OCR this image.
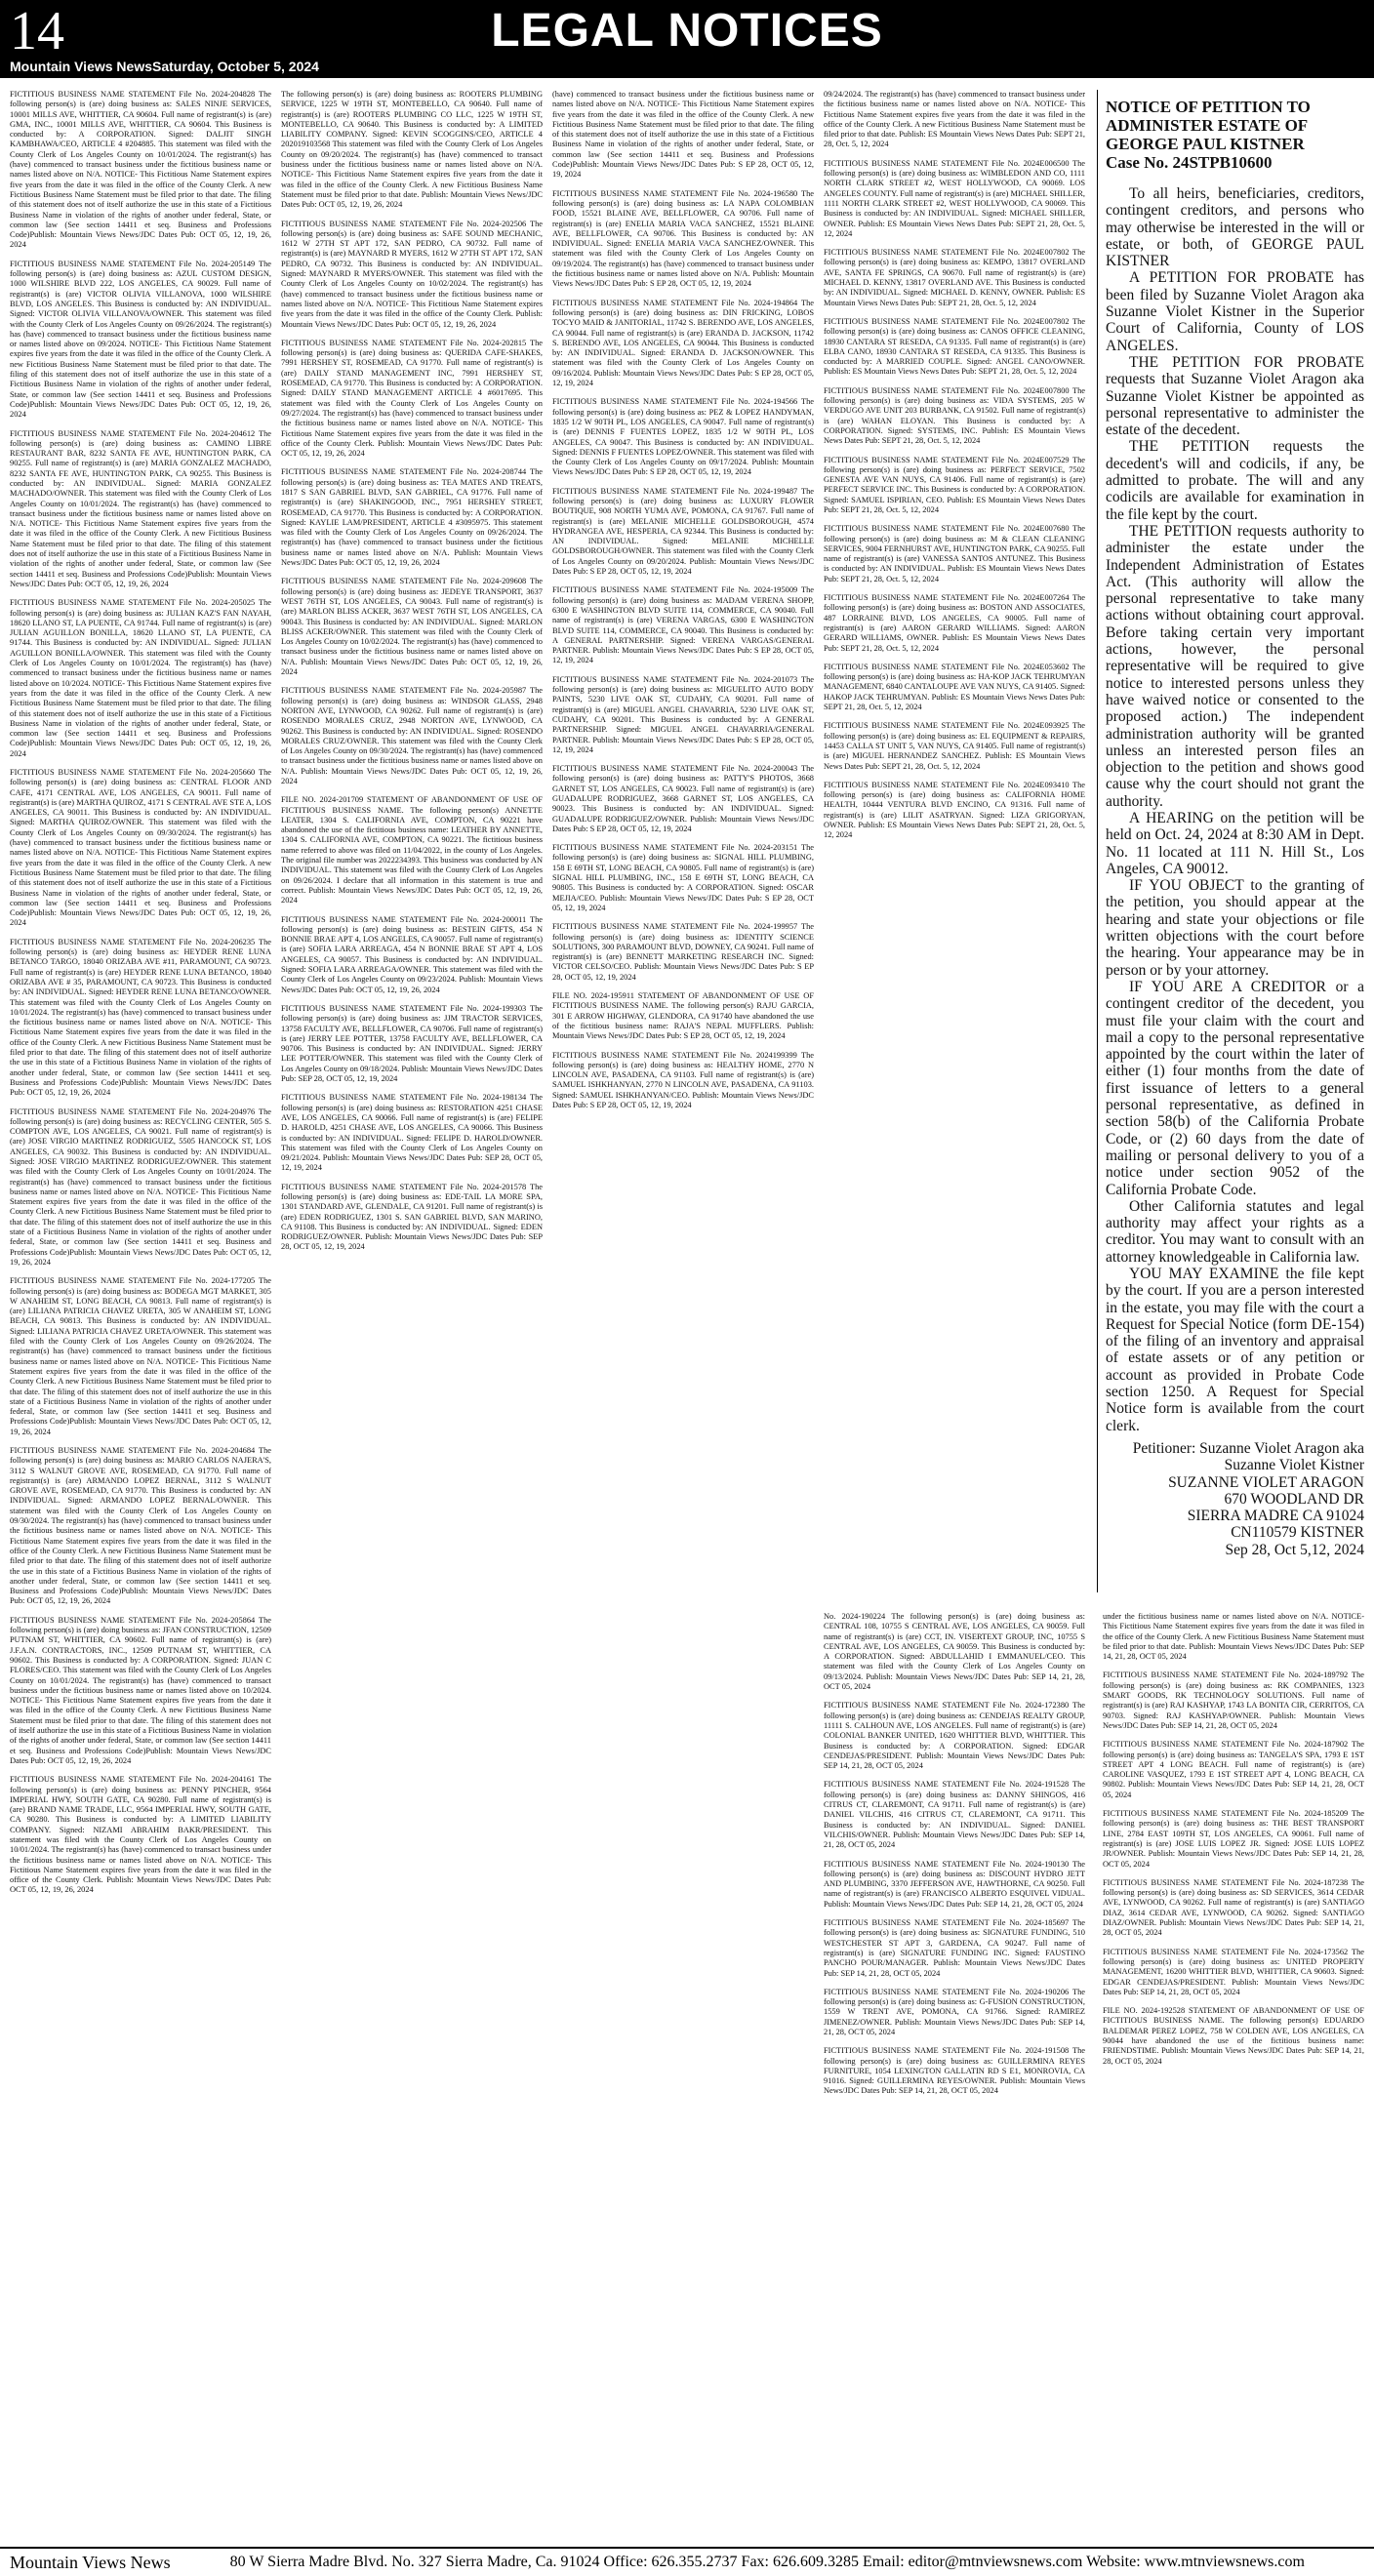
14	LEGAL NOTICES
Mountain Views NewsSaturday, October 5, 2024

FICTITIOUS BUSINESS NAME STATEMENT File No. 2024-204828 The following person(s) is (are) doing business as: SALES NINJE SERVICES, 10001 MILLS AVE, WHITTIER, CA 90604. Full name of registrant(s) is (are) GMA, INC., 10001 MILLS AVE, WHITTIER, CA 90604. This Business is conducted by: A CORPORATION. Signed: DALJIT SINGH KAMBHAWA/CEO, ARTICLE 4 #204885. This statement was filed with the County Clerk of Los Angeles County on 10/01/2024. The registrant(s) has (have) commenced to transact business under the fictitious business name or names listed above on N/A. NOTICE- This Fictitious Name Statement expires five years from the date it was filed in the office of the County Clerk. A new Fictitious Business Name Statement must be filed prior to that date. The filing of this statement does not of itself authorize the use in this state of a Fictitious Business Name in violation of the rights of another under federal, State, or common law (See section 14411 et seq. Business and Professions Code)Publish: Mountain Views News/JDC Dates Pub: OCT 05, 12, 19, 26, 2024

FICTITIOUS BUSINESS NAME STATEMENT File No. 2024-205149 The following person(s) is (are) doing business as: AZUL CUSTOM DESIGN, 1000 WILSHIRE BLVD 222, LOS ANGELES, CA 90029. Full name of registrant(s) is (are) VICTOR OLIVIA VILLANOVA, 1000 WILSHIRE BLVD, LOS ANGELES. This Business is conducted by: AN INDIVIDUAL. Signed: VICTOR OLIVIA VILLANOVA/OWNER. This statement was filed with the County Clerk of Los Angeles County on 09/26/2024. The registrant(s) has (have) commenced to transact business under the fictitious business name or names listed above on 09/2024. NOTICE- This Fictitious Name Statement expires five years from the date it was filed in the office of the County Clerk. A new Fictitious Business Name Statement must be filed prior to that date. The filing of this statement does not of itself authorize the use in this state of a Fictitious Business Name in violation of the rights of another under federal, State, or common law (See section 14411 et seq. Business and Professions Code)Publish: Mountain Views News/JDC Dates Pub: OCT 05, 12, 19, 26, 2024

FICTITIOUS BUSINESS NAME STATEMENT File No. 2024-204612 The following person(s) is (are) doing business as: CAMINO LIBRE RESTAURANT BAR, 8232 SANTA FE AVE, HUNTINGTON PARK, CA 90255. Full name of registrant(s) is (are) MARIA GONZALEZ MACHADO, 8232 SANTA FE AVE, HUNTINGTON PARK, CA 90255. This Business is conducted by: AN INDIVIDUAL. Signed: MARIA GONZALEZ MACHADO/OWNER. This statement was filed with the County Clerk of Los Angeles County on 10/01/2024. The registrant(s) has (have) commenced to transact business under the fictitious business name or names listed above on N/A. NOTICE- This Fictitious Name Statement expires five years from the date it was filed in the office of the County Clerk. A new Fictitious Business Name Statement must be filed prior to that date. The filing of this statement does not of itself authorize the use in this state of a Fictitious Business Name in violation of the rights of another under federal, State, or common law (See section 14411 et seq. Business and Professions Code)Publish: Mountain Views News/JDC Dates Pub: OCT 05, 12, 19, 26, 2024

FICTITIOUS BUSINESS NAME STATEMENT File No. 2024-205025 The following person(s) is (are) doing business as: JULIAN KAZ'S FAN NAYAH, 18620 LLANO ST, LA PUENTE, CA 91744. Full name of registrant(s) is (are) JULIAN AGUILLON BONILLA, 18620 LLANO ST, LA PUENTE, CA 91744. This Business is conducted by: AN INDIVIDUAL. Signed: JULIAN AGUILLON BONILLA/OWNER. This statement was filed with the County Clerk of Los Angeles County on 10/01/2024. The registrant(s) has (have) commenced to transact business under the fictitious business name or names listed above on 10/2024. NOTICE- This Fictitious Name Statement expires five years from the date it was filed in the office of the County Clerk. A new Fictitious Business Name Statement must be filed prior to that date. The filing of this statement does not of itself authorize the use in this state of a Fictitious Business Name in violation of the rights of another under federal, State, or common law (See section 14411 et seq. Business and Professions Code)Publish: Mountain Views News/JDC Dates Pub: OCT 05, 12, 19, 26, 2024

FICTITIOUS BUSINESS NAME STATEMENT File No. 2024-205660 The following person(s) is (are) doing business as: CENTRAL FLOOR AND CAFE, 4171 CENTRAL AVE, LOS ANGELES, CA 90011. Full name of registrant(s) is (are) MARTHA QUIROZ, 4171 S CENTRAL AVE STE A, LOS ANGELES, CA 90011. This Business is conducted by: AN INDIVIDUAL. Signed: MARTHA QUIROZ/OWNER. This statement was filed with the County Clerk of Los Angeles County on 09/30/2024. The registrant(s) has (have) commenced to transact business under the fictitious business name or names listed above on N/A. NOTICE- This Fictitious Name Statement expires five years from the date it was filed in the office of the County Clerk. A new Fictitious Business Name Statement must be filed prior to that date. The filing of this statement does not of itself authorize the use in this state of a Fictitious Business Name in violation of the rights of another under federal, State, or common law (See section 14411 et seq. Business and Professions Code)Publish: Mountain Views News/JDC Dates Pub: OCT 05, 12, 19, 26, 2024

FICTITIOUS BUSINESS NAME STATEMENT File No. 2024-206235 The following person(s) is (are) doing business as: HEYDER RENE LUNA BETANCO TARGO, 18040 ORIZABA AVE #11, PARAMOUNT, CA 90723. Full name of registrant(s) is (are) HEYDER RENE LUNA BETANCO, 18040 ORIZABA AVE # 35, PARAMOUNT, CA 90723. This Business is conducted by: AN INDIVIDUAL. Signed: HEYDER RENE LUNA BETANCO/OWNER. This statement was filed with the County Clerk of Los Angeles County on 10/01/2024. The registrant(s) has (have) commenced to transact business under the fictitious business name or names listed above on N/A. NOTICE- This Fictitious Name Statement expires five years from the date it was filed in the office of the County Clerk. A new Fictitious Business Name Statement must be filed prior to that date. The filing of this statement does not of itself authorize the use in this state of a Fictitious Business Name in violation of the rights of another under federal, State, or common law (See section 14411 et seq. Business and Professions Code)Publish: Mountain Views News/JDC Dates Pub: OCT 05, 12, 19, 26, 2024

FICTITIOUS BUSINESS NAME STATEMENT File No. 2024-204976 The following person(s) is (are) doing business as: RECYCLING CENTER, 505 S. COMPTON AVE, LOS ANGELES, CA 90021. Full name of registrant(s) is (are) JOSE VIRGIO MARTINEZ RODRIGUEZ, 5505 HANCOCK ST, LOS ANGELES, CA 90032. This Business is conducted by: AN INDIVIDUAL. Signed: JOSE VIRGIO MARTINEZ RODRIGUEZ/OWNER. This statement was filed with the County Clerk of Los Angeles County on 10/01/2024. The registrant(s) has (have) commenced to transact business under the fictitious business name or names listed above on N/A. NOTICE- This Fictitious Name Statement expires five years from the date it was filed in the office of the County Clerk. A new Fictitious Business Name Statement must be filed prior to that date. The filing of this statement does not of itself authorize the use in this state of a Fictitious Business Name in violation of the rights of another under federal, State, or common law (See section 14411 et seq. Business and Professions Code)Publish: Mountain Views News/JDC Dates Pub: OCT 05, 12, 19, 26, 2024

FICTITIOUS BUSINESS NAME STATEMENT File No. 2024-177205 The following person(s) is (are) doing business as: BODEGA MGT MARKET, 305 W ANAHEIM ST, LONG BEACH, CA 90813. Full name of registrant(s) is (are) LILIANA PATRICIA CHAVEZ URETA, 305 W ANAHEIM ST, LONG BEACH, CA 90813. This Business is conducted by: AN INDIVIDUAL. Signed: LILIANA PATRICIA CHAVEZ URETA/OWNER. This statement was filed with the County Clerk of Los Angeles County on 09/26/2024. The registrant(s) has (have) commenced to transact business under the fictitious business name or names listed above on N/A. NOTICE- This Fictitious Name Statement expires five years from the date it was filed in the office of the County Clerk. A new Fictitious Business Name Statement must be filed prior to that date. The filing of this statement does not of itself authorize the use in this state of a Fictitious Business Name in violation of the rights of another under federal, State, or common law (See section 14411 et seq. Business and Professions Code)Publish: Mountain Views News/JDC Dates Pub: OCT 05, 12, 19, 26, 2024

FICTITIOUS BUSINESS NAME STATEMENT File No. 2024-204684 The following person(s) is (are) doing business as: MARIO CARLOS NAJERA'S, 3112 S WALNUT GROVE AVE, ROSEMEAD, CA 91770. Full name of registrant(s) is (are) ARMANDO LOPEZ BERNAL, 3112 S WALNUT GROVE AVE, ROSEMEAD, CA 91770. This Business is conducted by: AN INDIVIDUAL. Signed: ARMANDO LOPEZ BERNAL/OWNER. This statement was filed with the County Clerk of Los Angeles County on 09/30/2024. The registrant(s) has (have) commenced to transact business under the fictitious business name or names listed above on N/A. NOTICE- This Fictitious Name Statement expires five years from the date it was filed in the office of the County Clerk. A new Fictitious Business Name Statement must be filed prior to that date. The filing of this statement does not of itself authorize the use in this state of a Fictitious Business Name in violation of the rights of another under federal, State, or common law (See section 14411 et seq. Business and Professions Code)Publish: Mountain Views News/JDC Dates Pub: OCT 05, 12, 19, 26, 2024

FICTITIOUS BUSINESS NAME STATEMENT File No. 2024-205864 The following person(s) is (are) doing business as: JFAN CONSTRUCTION, 12509 PUTNAM ST, WHITTIER, CA 90602. Full name of registrant(s) is (are) J.F.A.N. CONTRACTORS, INC., 12509 PUTNAM ST, WHITTIER, CA 90602. This Business is conducted by: A CORPORATION. Signed: JUAN C FLORES/CEO. This statement was filed with the County Clerk of Los Angeles County on 10/01/2024. The registrant(s) has (have) commenced to transact business under the fictitious business name or names listed above on 10/2024. NOTICE- This Fictitious Name Statement expires five years from the date it was filed in the office of the County Clerk. A new Fictitious Business Name Statement must be filed prior to that date. The filing of this statement does not of itself authorize the use in this state of a Fictitious Business Name in violation of the rights of another under federal, State, or common law (See section 14411 et seq. Business and Professions Code)Publish: Mountain Views News/JDC Dates Pub: OCT 05, 12, 19, 26, 2024

FICTITIOUS BUSINESS NAME STATEMENT File No. 2024-204161 The following person(s) is (are) doing business as: PENNY PINCHER, 9564 IMPERIAL HWY, SOUTH GATE, CA 90280. Full name of registrant(s) is (are) BRAND NAME TRADE, LLC, 9564 IMPERIAL HWY, SOUTH GATE, CA 90280. This Business is conducted by: A LIMITED LIABILITY COMPANY. Signed: NIZAMI ABRAHIM BAKR/PRESIDENT. This statement was filed with the County Clerk of Los Angeles County on 10/01/2024. The registrant(s) has (have) commenced to transact business under the fictitious business name or names listed above on N/A. NOTICE- This Fictitious Name Statement expires five years from the date it was filed in the office of the County Clerk. Publish: Mountain Views News/JDC Dates Pub: OCT 05, 12, 19, 26, 2024

The following person(s) is (are) doing business as: ROOTERS PLUMBING SERVICE, 1225 W 19TH ST, MONTEBELLO, CA 90640. Full name of registrant(s) is (are) ROOTERS PLUMBING CO LLC, 1225 W 19TH ST, MONTEBELLO, CA 90640. This Business is conducted by: A LIMITED LIABILITY COMPANY. Signed: KEVIN SCOGGINS/CEO, ARTICLE 4 202019103568 This statement was filed with the County Clerk of Los Angeles County on 09/20/2024. The registrant(s) has (have) commenced to transact business under the fictitious business name or names listed above on N/A. NOTICE- This Fictitious Name Statement expires five years from the date it was filed in the office of the County Clerk. A new Fictitious Business Name Statement must be filed prior to that date. Publish: Mountain Views News/JDC Dates Pub: OCT 05, 12, 19, 26, 2024

FICTITIOUS BUSINESS NAME STATEMENT File No. 2024-202506 The following person(s) is (are) doing business as: SAFE SOUND MECHANIC, 1612 W 27TH ST APT 172, SAN PEDRO, CA 90732. Full name of registrant(s) is (are) MAYNARD R MYERS, 1612 W 27TH ST APT 172, SAN PEDRO, CA 90732. This Business is conducted by: AN INDIVIDUAL. Signed: MAYNARD R MYERS/OWNER. This statement was filed with the County Clerk of Los Angeles County on 10/02/2024. The registrant(s) has (have) commenced to transact business under the fictitious business name or names listed above on N/A. NOTICE- This Fictitious Name Statement expires five years from the date it was filed in the office of the County Clerk. Publish: Mountain Views News/JDC Dates Pub: OCT 05, 12, 19, 26, 2024

FICTITIOUS BUSINESS NAME STATEMENT File No. 2024-202815 The following person(s) is (are) doing business as: QUERIDA CAFE-SHAKES, 7991 HERSHEY ST, ROSEMEAD, CA 91770. Full name of registrant(s) is (are) DAILY STAND MANAGEMENT INC, 7991 HERSHEY ST, ROSEMEAD, CA 91770. This Business is conducted by: A CORPORATION. Signed: DAILY STAND MANAGEMENT ARTICLE 4 #6017695. This statement was filed with the County Clerk of Los Angeles County on 09/27/2024. The registrant(s) has (have) commenced to transact business under the fictitious business name or names listed above on N/A. NOTICE- This Fictitious Name Statement expires five years from the date it was filed in the office of the County Clerk. Publish: Mountain Views News/JDC Dates Pub: OCT 05, 12, 19, 26, 2024

FICTITIOUS BUSINESS NAME STATEMENT File No. 2024-208744 The following person(s) is (are) doing business as: TEA MATES AND TREATS, 1817 S SAN GABRIEL BLVD, SAN GABRIEL, CA 91776. Full name of registrant(s) is (are) SHAKINGOOD, INC., 7951 HERSHEY STREET, ROSEMEAD, CA 91770. This Business is conducted by: A CORPORATION. Signed: KAYLIE LAM/PRESIDENT, ARTICLE 4 #3095975. This statement was filed with the County Clerk of Los Angeles County on 09/26/2024. The registrant(s) has (have) commenced to transact business under the fictitious business name or names listed above on N/A. Publish: Mountain Views News/JDC Dates Pub: OCT 05, 12, 19, 26, 2024

FICTITIOUS BUSINESS NAME STATEMENT File No. 2024-209608 The following person(s) is (are) doing business as: JEDEYE TRANSPORT, 3637 WEST 76TH ST, LOS ANGELES, CA 90043. Full name of registrant(s) is (are) MARLON BLISS ACKER, 3637 WEST 76TH ST, LOS ANGELES, CA 90043. This Business is conducted by: AN INDIVIDUAL. Signed: MARLON BLISS ACKER/OWNER. This statement was filed with the County Clerk of Los Angeles County on 10/02/2024. The registrant(s) has (have) commenced to transact business under the fictitious business name or names listed above on N/A. Publish: Mountain Views News/JDC Dates Pub: OCT 05, 12, 19, 26, 2024

FICTITIOUS BUSINESS NAME STATEMENT File No. 2024-205987 The following person(s) is (are) doing business as: WINDSOR GLASS, 2948 NORTON AVE, LYNWOOD, CA 90262. Full name of registrant(s) is (are) ROSENDO MORALES CRUZ, 2948 NORTON AVE, LYNWOOD, CA 90262. This Business is conducted by: AN INDIVIDUAL. Signed: ROSENDO MORALES CRUZ/OWNER. This statement was filed with the County Clerk of Los Angeles County on 09/30/2024. The registrant(s) has (have) commenced to transact business under the fictitious business name or names listed above on N/A. Publish: Mountain Views News/JDC Dates Pub: OCT 05, 12, 19, 26, 2024

FILE NO. 2024-201709 STATEMENT OF ABANDONMENT OF USE OF FICTITIOUS BUSINESS NAME. The following person(s) ANNETTE LEATER, 1304 S. CALIFORNIA AVE, COMPTON, CA 90221 have abandoned the use of the fictitious business name: LEATHER BY ANNETTE, 1304 S. CALIFORNIA AVE, COMPTON, CA 90221. The fictitious business name referred to above was filed on 11/04/2022, in the county of Los Angeles. The original file number was 2022234393. This business was conducted by AN INDIVIDUAL. This statement was filed with the County Clerk of Los Angeles on 09/26/2024. I declare that all information in this statement is true and correct. Publish: Mountain Views News/JDC Dates Pub: OCT 05, 12, 19, 26, 2024

FICTITIOUS BUSINESS NAME STATEMENT File No. 2024-200011 The following person(s) is (are) doing business as: BESTEIN GIFTS, 454 N BONNIE BRAE APT 4, LOS ANGELES, CA 90057. Full name of registrant(s) is (are) SOFIA LARA ARREAGA, 454 N BONNIE BRAE ST APT 4, LOS ANGELES, CA 90057. This Business is conducted by: AN INDIVIDUAL. Signed: SOFIA LARA ARREAGA/OWNER. This statement was filed with the County Clerk of Los Angeles County on 09/23/2024. Publish: Mountain Views News/JDC Dates Pub: OCT 05, 12, 19, 26, 2024

FICTITIOUS BUSINESS NAME STATEMENT File No. 2024-199303 The following person(s) is (are) doing business as: JJM TRACTOR SERVICES, 13758 FACULTY AVE, BELLFLOWER, CA 90706. Full name of registrant(s) is (are) JERRY LEE POTTER, 13758 FACULTY AVE, BELLFLOWER, CA 90706. This Business is conducted by: AN INDIVIDUAL. Signed: JERRY LEE POTTER/OWNER. This statement was filed with the County Clerk of Los Angeles County on 09/18/2024. Publish: Mountain Views News/JDC Dates Pub: SEP 28, OCT 05, 12, 19, 2024

FICTITIOUS BUSINESS NAME STATEMENT File No. 2024-198134 The following person(s) is (are) doing business as: RESTORATION 4251 CHASE AVE, LOS ANGELES, CA 90066. Full name of registrant(s) is (are) FELIPE D. HAROLD, 4251 CHASE AVE, LOS ANGELES, CA 90066. This Business is conducted by: AN INDIVIDUAL. Signed: FELIPE D. HAROLD/OWNER. This statement was filed with the County Clerk of Los Angeles County on 09/21/2024. Publish: Mountain Views News/JDC Dates Pub: SEP 28, OCT 05, 12, 19, 2024

FICTITIOUS BUSINESS NAME STATEMENT File No. 2024-201578 The following person(s) is (are) doing business as: EDE-TAIL LA MORE SPA, 1301 STANDARD AVE, GLENDALE, CA 91201. Full name of registrant(s) is (are) EDEN RODRIGUEZ, 1301 S. SAN GABRIEL BLVD, SAN MARINO, CA 91108. This Business is conducted by: AN INDIVIDUAL. Signed: EDEN RODRIGUEZ/OWNER. Publish: Mountain Views News/JDC Dates Pub: SEP 28, OCT 05, 12, 19, 2024

(have) commenced to transact business under the fictitious business name or names listed above on N/A. NOTICE- This Fictitious Name Statement expires five years from the date it was filed in the office of the County Clerk. A new Fictitious Business Name Statement must be filed prior to that date. The filing of this statement does not of itself authorize the use in this state of a Fictitious Business Name in violation of the rights of another under federal, State, or common law (See section 14411 et seq. Business and Professions Code)Publish: Mountain Views News/JDC Dates Pub: S EP 28, OCT 05, 12, 19, 2024

FICTITIOUS BUSINESS NAME STATEMENT File No. 2024-196580 The following person(s) is (are) doing business as: LA NAPA COLOMBIAN FOOD, 15521 BLAINE AVE, BELLFLOWER, CA 90706. Full name of registrant(s) is (are) ENELIA MARIA VACA SANCHEZ, 15521 BLAINE AVE, BELLFLOWER, CA 90706. This Business is conducted by: AN INDIVIDUAL. Signed: ENELIA MARIA VACA SANCHEZ/OWNER. This statement was filed with the County Clerk of Los Angeles County on 09/19/2024. The registrant(s) has (have) commenced to transact business under the fictitious business name or names listed above on N/A. Publish: Mountain Views News/JDC Dates Pub: S EP 28, OCT 05, 12, 19, 2024

FICTITIOUS BUSINESS NAME STATEMENT File No. 2024-194864 The following person(s) is (are) doing business as: DIN FRICKING, LOBOS TOCYO MAID & JANITORIAL, 11742 S. BERENDO AVE, LOS ANGELES, CA 90044. Full name of registrant(s) is (are) ERANDA D. JACKSON, 11742 S. BERENDO AVE, LOS ANGELES, CA 90044. This Business is conducted by: AN INDIVIDUAL. Signed: ERANDA D. JACKSON/OWNER. This statement was filed with the County Clerk of Los Angeles County on 09/16/2024. Publish: Mountain Views News/JDC Dates Pub: S EP 28, OCT 05, 12, 19, 2024

FICTITIOUS BUSINESS NAME STATEMENT File No. 2024-194566 The following person(s) is (are) doing business as: PEZ & LOPEZ HANDYMAN, 1835 1/2 W 90TH PL, LOS ANGELES, CA 90047. Full name of registrant(s) is (are) DENNIS F FUENTES LOPEZ, 1835 1/2 W 90TH PL, LOS ANGELES, CA 90047. This Business is conducted by: AN INDIVIDUAL. Signed: DENNIS F FUENTES LOPEZ/OWNER. This statement was filed with the County Clerk of Los Angeles County on 09/17/2024. Publish: Mountain Views News/JDC Dates Pub: S EP 28, OCT 05, 12, 19, 2024

FICTITIOUS BUSINESS NAME STATEMENT File No. 2024-199487 The following person(s) is (are) doing business as: LUXURY FLOWER BOUTIQUE, 908 NORTH YUMA AVE, POMONA, CA 91767. Full name of registrant(s) is (are) MELANIE MICHELLE GOLDSBOROUGH, 4574 HYDRANGEA AVE, HESPERIA, CA 92344. This Business is conducted by: AN INDIVIDUAL. Signed: MELANIE MICHELLE GOLDSBOROUGH/OWNER. This statement was filed with the County Clerk of Los Angeles County on 09/20/2024. Publish: Mountain Views News/JDC Dates Pub: S EP 28, OCT 05, 12, 19, 2024

FICTITIOUS BUSINESS NAME STATEMENT File No. 2024-195009 The following person(s) is (are) doing business as: MADAM VERENA SHOPP, 6300 E WASHINGTON BLVD SUITE 114, COMMERCE, CA 90040. Full name of registrant(s) is (are) VERENA VARGAS, 6300 E WASHINGTON BLVD SUITE 114, COMMERCE, CA 90040. This Business is conducted by: A GENERAL PARTNERSHIP. Signed: VERENA VARGAS/GENERAL PARTNER. Publish: Mountain Views News/JDC Dates Pub: S EP 28, OCT 05, 12, 19, 2024

FICTITIOUS BUSINESS NAME STATEMENT File No. 2024-201073 The following person(s) is (are) doing business as: MIGUELITO AUTO BODY PAINTS, 5230 LIVE OAK ST, CUDAHY, CA 90201. Full name of registrant(s) is (are) MIGUEL ANGEL CHAVARRIA, 5230 LIVE OAK ST, CUDAHY, CA 90201. This Business is conducted by: A GENERAL PARTNERSHIP. Signed: MIGUEL ANGEL CHAVARRIA/GENERAL PARTNER. Publish: Mountain Views News/JDC Dates Pub: S EP 28, OCT 05, 12, 19, 2024

FICTITIOUS BUSINESS NAME STATEMENT File No. 2024-200043 The following person(s) is (are) doing business as: PATTY'S PHOTOS, 3668 GARNET ST, LOS ANGELES, CA 90023. Full name of registrant(s) is (are) GUADALUPE RODRIGUEZ, 3668 GARNET ST, LOS ANGELES, CA 90023. This Business is conducted by: AN INDIVIDUAL. Signed: GUADALUPE RODRIGUEZ/OWNER. Publish: Mountain Views News/JDC Dates Pub: S EP 28, OCT 05, 12, 19, 2024

FICTITIOUS BUSINESS NAME STATEMENT File No. 2024-203151 The following person(s) is (are) doing business as: SIGNAL HILL PLUMBING, 158 E 69TH ST, LONG BEACH, CA 90805. Full name of registrant(s) is (are) SIGNAL HILL PLUMBING, INC., 158 E 69TH ST, LONG BEACH, CA 90805. This Business is conducted by: A CORPORATION. Signed: OSCAR MEJIA/CEO. Publish: Mountain Views News/JDC Dates Pub: S EP 28, OCT 05, 12, 19, 2024

FICTITIOUS BUSINESS NAME STATEMENT File No. 2024-199957 The following person(s) is (are) doing business as: IDENTITY SCIENCE SOLUTIONS, 300 PARAMOUNT BLVD, DOWNEY, CA 90241. Full name of registrant(s) is (are) BENNETT MARKETING RESEARCH INC. Signed: VICTOR CELSO/CEO. Publish: Mountain Views News/JDC Dates Pub: S EP 28, OCT 05, 12, 19, 2024

FILE NO. 2024-195911 STATEMENT OF ABANDONMENT OF USE OF FICTITIOUS BUSINESS NAME. The following person(s) RAJU GARCIA, 301 E ARROW HIGHWAY, GLENDORA, CA 91740 have abandoned the use of the fictitious business name: RAJA'S NEPAL MUFFLERS. Publish: Mountain Views News/JDC Dates Pub: S EP 28, OCT 05, 12, 19, 2024

FICTITIOUS BUSINESS NAME STATEMENT File No. 2024199399 The following person(s) is (are) doing business as: HEALTHY HOME, 2770 N LINCOLN AVE, PASADENA, CA 91103. Full name of registrant(s) is (are) SAMUEL ISHKHANYAN, 2770 N LINCOLN AVE, PASADENA, CA 91103. Signed: SAMUEL ISHKHANYAN/CEO. Publish: Mountain Views News/JDC Dates Pub: S EP 28, OCT 05, 12, 19, 2024

09/24/2024. The registrant(s) has (have) commenced to transact business under the fictitious business name or names listed above on N/A. NOTICE- This Fictitious Name Statement expires five years from the date it was filed in the office of the County Clerk. A new Fictitious Business Name Statement must be filed prior to that date. Publish: ES Mountain Views News Dates Pub: SEPT 21, 28, Oct. 5, 12, 2024

FICTITIOUS BUSINESS NAME STATEMENT File No. 2024E006500 The following person(s) is (are) doing business as: WIMBLEDON AND CO, 1111 NORTH CLARK STREET #2, WEST HOLLYWOOD, CA 90069. LOS ANGELES COUNTY. Full name of registrant(s) is (are) MICHAEL SHILLER, 1111 NORTH CLARK STREET #2, WEST HOLLYWOOD, CA 90069. This Business is conducted by: AN INDIVIDUAL. Signed: MICHAEL SHILLER, OWNER. Publish: ES Mountain Views News Dates Pub: SEPT 21, 28, Oct. 5, 12, 2024

FICTITIOUS BUSINESS NAME STATEMENT File No. 2024E007802 The following person(s) is (are) doing business as: KEMPO, 13817 OVERLAND AVE, SANTA FE SPRINGS, CA 90670. Full name of registrant(s) is (are) MICHAEL D. KENNY, 13817 OVERLAND AVE. This Business is conducted by: AN INDIVIDUAL. Signed: MICHAEL D. KENNY, OWNER. Publish: ES Mountain Views News Dates Pub: SEPT 21, 28, Oct. 5, 12, 2024

FICTITIOUS BUSINESS NAME STATEMENT File No. 2024E007802 The following person(s) is (are) doing business as: CANOS OFFICE CLEANING, 18930 CANTARA ST RESEDA, CA 91335. Full name of registrant(s) is (are) ELBA CANO, 18930 CANTARA ST RESEDA, CA 91335. This Business is conducted by: A MARRIED COUPLE. Signed: ANGEL CANO/OWNER. Publish: ES Mountain Views News Dates Pub: SEPT 21, 28, Oct. 5, 12, 2024

FICTITIOUS BUSINESS NAME STATEMENT File No. 2024E007800 The following person(s) is (are) doing business as: VIDA SYSTEMS, 205 W VERDUGO AVE UNIT 203 BURBANK, CA 91502. Full name of registrant(s) is (are) WAHAN ELOYAN. This Business is conducted by: A CORPORATION. Signed: SYSTEMS, INC. Publish: ES Mountain Views News Dates Pub: SEPT 21, 28, Oct. 5, 12, 2024

FICTITIOUS BUSINESS NAME STATEMENT File No. 2024E007529 The following person(s) is (are) doing business as: PERFECT SERVICE, 7502 GENESTA AVE VAN NUYS, CA 91406. Full name of registrant(s) is (are) PERFECT SERVICE INC. This Business is conducted by: A CORPORATION. Signed: SAMUEL ISPIRIAN, CEO. Publish: ES Mountain Views News Dates Pub: SEPT 21, 28, Oct. 5, 12, 2024

FICTITIOUS BUSINESS NAME STATEMENT File No. 2024E007680 The following person(s) is (are) doing business as: M & CLEAN CLEANING SERVICES, 9004 FERNHURST AVE, HUNTINGTON PARK, CA 90255. Full name of registrant(s) is (are) VANESSA SANTOS ANTUNEZ. This Business is conducted by: AN INDIVIDUAL. Publish: ES Mountain Views News Dates Pub: SEPT 21, 28, Oct. 5, 12, 2024

FICTITIOUS BUSINESS NAME STATEMENT File No. 2024E007264 The following person(s) is (are) doing business as: BOSTON AND ASSOCIATES, 487 LORRAINE BLVD, LOS ANGELES, CA 90005. Full name of registrant(s) is (are) AARON GERARD WILLIAMS. Signed: AARON GERARD WILLIAMS, OWNER. Publish: ES Mountain Views News Dates Pub: SEPT 21, 28, Oct. 5, 12, 2024

FICTITIOUS BUSINESS NAME STATEMENT File No. 2024E053602 The following person(s) is (are) doing business as: HA-KOP JACK TEHRUMYAN MANAGEMENT, 6840 CANTALOUPE AVE VAN NUYS, CA 91405. Signed: HAKOP JACK TEHRUMYAN. Publish: ES Mountain Views News Dates Pub: SEPT 21, 28, Oct. 5, 12, 2024

FICTITIOUS BUSINESS NAME STATEMENT File No. 2024E093925 The following person(s) is (are) doing business as: EL EQUIPMENT & REPAIRS, 14453 CALLA ST UNIT 5, VAN NUYS, CA 91405. Full name of registrant(s) is (are) MIGUEL HERNANDEZ SANCHEZ. Publish: ES Mountain Views News Dates Pub: SEPT 21, 28, Oct. 5, 12, 2024

FICTITIOUS BUSINESS NAME STATEMENT File No. 2024E093410 The following person(s) is (are) doing business as: CALIFORNIA HOME HEALTH, 10444 VENTURA BLVD ENCINO, CA 91316. Full name of registrant(s) is (are) LILIT ASATRYAN. Signed: LIZA GRIGORYAN, OWNER. Publish: ES Mountain Views News Dates Pub: SEPT 21, 28, Oct. 5, 12, 2024

NOTICE OF PETITION TO ADMINISTER ESTATE OF
GEORGE PAUL KISTNER
Case No. 24STPB10600
To all heirs, beneficiaries, creditors, contingent creditors, and persons who may otherwise be interested in the will or estate, or both, of GEORGE PAUL KISTNER
A PETITION FOR PROBATE has been filed by Suzanne Violet Aragon aka Suzanne Violet Kistner in the Superior Court of California, County of LOS ANGELES.
THE PETITION FOR PROBATE requests that Suzanne Violet Aragon aka Suzanne Violet Kistner be appointed as personal representative to administer the estate of the decedent.
THE PETITION requests the decedent's will and codicils, if any, be admitted to probate. The will and any codicils are available for examination in the file kept by the court.
THE PETITION requests authority to administer the estate under the Independent Administration of Estates Act. (This authority will allow the personal representative to take many actions without obtaining court approval. Before taking certain very important actions, however, the personal representative will be required to give notice to interested persons unless they have waived notice or consented to the proposed action.) The independent administration authority will be granted unless an interested person files an objection to the petition and shows good cause why the court should not grant the authority.
A HEARING on the petition will be held on Oct. 24, 2024 at 8:30 AM in Dept. No. 11 located at 111 N. Hill St., Los Angeles, CA 90012.
IF YOU OBJECT to the granting of the petition, you should appear at the hearing and state your objections or file written objections with the court before the hearing. Your appearance may be in person or by your attorney.
IF YOU ARE A CREDITOR or a contingent creditor of the decedent, you must file your claim with the court and mail a copy to the personal representative appointed by the court within the later of either (1) four months from the date of first issuance of letters to a general personal representative, as defined in section 58(b) of the California Probate Code, or (2) 60 days from the date of mailing or personal delivery to you of a notice under section 9052 of the California Probate Code.
Other California statutes and legal authority may affect your rights as a creditor. You may want to consult with an attorney knowledgeable in California law.
YOU MAY EXAMINE the file kept by the court. If you are a person interested in the estate, you may file with the court a Request for Special Notice (form DE-154) of the filing of an inventory and appraisal of estate assets or of any petition or account as provided in Probate Code section 1250. A Request for Special Notice form is available from the court clerk.
Petitioner: Suzanne Violet Aragon aka Suzanne Violet Kistner
SUZANNE VIOLET ARAGON
670 WOODLAND DR
SIERRA MADRE CA 91024
CN110579 KISTNER
Sep 28, Oct 5,12, 2024

No. 2024-190224 The following person(s) is (are) doing business as: CENTRAL 108, 10755 S CENTRAL AVE, LOS ANGELES, CA 90059. Full name of registrant(s) is (are) CCT, IN. VISERTEXT GROUP, INC, 10755 S CENTRAL AVE, LOS ANGELES, CA 90059. This Business is conducted by: A CORPORATION. Signed: ABDULLAHID I EMMANUEL/CEO. This statement was filed with the County Clerk of Los Angeles County on 09/13/2024. Publish: Mountain Views News/JDC Dates Pub: SEP 14, 21, 28, OCT 05, 2024

FICTITIOUS BUSINESS NAME STATEMENT File No. 2024-172380 The following person(s) is (are) doing business as: CENDEJAS REALTY GROUP, 11111 S. CALHOUN AVE, LOS ANGELES. Full name of registrant(s) is (are) COLONIAL BANKER UNITED, 1620 WHITTIER BLVD, WHITTIER. This Business is conducted by: A CORPORATION. Signed: EDGAR CENDEJAS/PRESIDENT. Publish: Mountain Views News/JDC Dates Pub: SEP 14, 21, 28, OCT 05, 2024

FICTITIOUS BUSINESS NAME STATEMENT File No. 2024-191528 The following person(s) is (are) doing business as: DANNY SHINGOS, 416 CITRUS CT, CLAREMONT, CA 91711. Full name of registrant(s) is (are) DANIEL VILCHIS, 416 CITRUS CT, CLAREMONT, CA 91711. This Business is conducted by: AN INDIVIDUAL. Signed: DANIEL VILCHIS/OWNER. Publish: Mountain Views News/JDC Dates Pub: SEP 14, 21, 28, OCT 05, 2024

FICTITIOUS BUSINESS NAME STATEMENT File No. 2024-190130 The following person(s) is (are) doing business as: DISCOUNT HYDRO JETT AND PLUMBING, 3370 JEFFERSON AVE, HAWTHORNE, CA 90250. Full name of registrant(s) is (are) FRANCISCO ALBERTO ESQUIVEL VIDUAL. Publish: Mountain Views News/JDC Dates Pub: SEP 14, 21, 28, OCT 05, 2024

FICTITIOUS BUSINESS NAME STATEMENT File No. 2024-185697 The following person(s) is (are) doing business as: SIGNATURE FUNDING, 510 WESTCHESTER ST APT 3, GARDENA, CA 90247. Full name of registrant(s) is (are) SIGNATURE FUNDING INC. Signed: FAUSTINO PANCHO POUR/MANAGER. Publish: Mountain Views News/JDC Dates Pub: SEP 14, 21, 28, OCT 05, 2024

FICTITIOUS BUSINESS NAME STATEMENT File No. 2024-190206 The following person(s) is (are) doing business as: G-FUSION CONSTRUCTION, 1559 W TRENT AVE, POMONA, CA 91766. Signed: RAMIREZ JIMENEZ/OWNER. Publish: Mountain Views News/JDC Dates Pub: SEP 14, 21, 28, OCT 05, 2024

FICTITIOUS BUSINESS NAME STATEMENT File No. 2024-191508 The following person(s) is (are) doing business as: GUILLERMINA REYES FURNITURE, 1054 LEXINGTON GALLATIN RD S E1, MONROVIA, CA 91016. Signed: GUILLERMINA REYES/OWNER. Publish: Mountain Views News/JDC Dates Pub: SEP 14, 21, 28, OCT 05, 2024

under the fictitious business name or names listed above on N/A. NOTICE- This Fictitious Name Statement expires five years from the date it was filed in the office of the County Clerk. A new Fictitious Business Name Statement must be filed prior to that date. Publish: Mountain Views News/JDC Dates Pub: SEP 14, 21, 28, OCT 05, 2024

FICTITIOUS BUSINESS NAME STATEMENT File No. 2024-189792 The following person(s) is (are) doing business as: RK COMPANIES, 1323 SMART GOODS, RK TECHNOLOGY SOLUTIONS. Full name of registrant(s) is (are) RAJ KASHYAP, 1743 LA BONITA CIR, CERRITOS, CA 90703. Signed: RAJ KASHYAP/OWNER. Publish: Mountain Views News/JDC Dates Pub: SEP 14, 21, 28, OCT 05, 2024

FICTITIOUS BUSINESS NAME STATEMENT File No. 2024-187902 The following person(s) is (are) doing business as: TANGELA'S SPA, 1793 E 1ST STREET APT 4 LONG BEACH. Full name of registrant(s) is (are) CAROLINE VASQUEZ, 1793 E 1ST STREET APT 4, LONG BEACH, CA 90802. Publish: Mountain Views News/JDC Dates Pub: SEP 14, 21, 28, OCT 05, 2024

FICTITIOUS BUSINESS NAME STATEMENT File No. 2024-185209 The following person(s) is (are) doing business as: THE BEST TRANSPORT LINE, 2784 EAST 109TH ST, LOS ANGELES, CA 90061. Full name of registrant(s) is (are) JOSE LUIS LOPEZ JR. Signed: JOSE LUIS LOPEZ JR/OWNER. Publish: Mountain Views News/JDC Dates Pub: SEP 14, 21, 28, OCT 05, 2024

FICTITIOUS BUSINESS NAME STATEMENT File No. 2024-187238 The following person(s) is (are) doing business as: SD SERVICES, 3614 CEDAR AVE, LYNWOOD, CA 90262. Full name of registrant(s) is (are) SANTIAGO DIAZ, 3614 CEDAR AVE, LYNWOOD, CA 90262. Signed: SANTIAGO DIAZ/OWNER. Publish: Mountain Views News/JDC Dates Pub: SEP 14, 21, 28, OCT 05, 2024

FICTITIOUS BUSINESS NAME STATEMENT File No. 2024-173562 The following person(s) is (are) doing business as: UNITED PROPERTY MANAGEMENT, 16200 WHITTIER BLVD, WHITTIER, CA 90603. Signed: EDGAR CENDEJAS/PRESIDENT. Publish: Mountain Views News/JDC Dates Pub: SEP 14, 21, 28, OCT 05, 2024

FILE NO. 2024-192528 STATEMENT OF ABANDONMENT OF USE OF FICTITIOUS BUSINESS NAME. The following person(s) EDUARDO BALDEMAR PEREZ LOPEZ, 758 W COLDEN AVE, LOS ANGELES, CA 90044 have abandoned the use of the fictitious business name: FRIENDSTIME. Publish: Mountain Views News/JDC Dates Pub: SEP 14, 21, 28, OCT 05, 2024

Mountain Views News	80 W Sierra Madre Blvd. No. 327 Sierra Madre, Ca. 91024 Office: 626.355.2737 Fax: 626.609.3285 Email: editor@mtnviewsnews.com Website: www.mtnviewsnews.com
